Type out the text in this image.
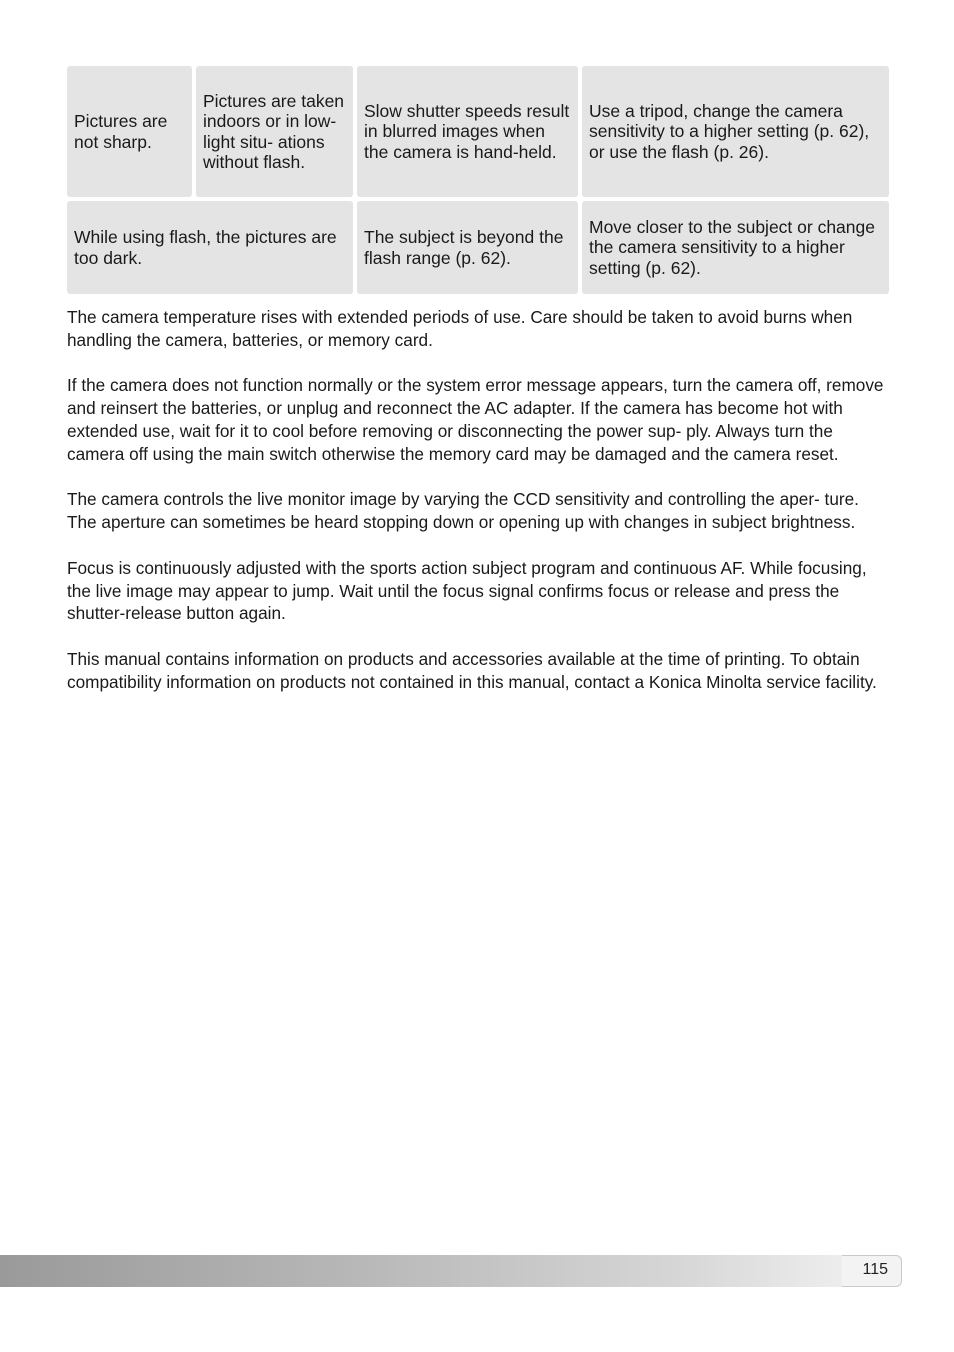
Pictures are not sharp.
Pictures are taken indoors or in low-light situ- ations without flash.
Slow shutter speeds result in blurred images when the camera is hand-held.
Use a tripod, change the camera sensitivity to a higher setting (p. 62), or use the flash (p. 26).
While using flash, the pictures are too dark.
The subject is beyond the flash range (p. 62).
Move closer to the subject or change the camera sensitivity to a higher setting (p. 62).

The camera temperature rises with extended periods of use. Care should be taken to avoid burns when handling the camera, batteries, or memory card.

If the camera does not function normally or the system error message appears, turn the camera off, remove and reinsert the batteries, or unplug and reconnect the AC adapter. If the camera has become hot with extended use, wait for it to cool before removing or disconnecting the power sup- ply. Always turn the camera off using the main switch otherwise the memory card may be damaged and the camera reset.

The camera controls the live monitor image by varying the CCD sensitivity and controlling the aper- ture. The aperture can sometimes be heard stopping down or opening up with changes in subject brightness.

Focus is continuously adjusted with the sports action subject program and continuous AF. While focusing, the live image may appear to jump. Wait until the focus signal confirms focus or release and press the shutter-release button again.

This manual contains information on products and accessories available at the time of printing. To obtain compatibility information on products not contained in this manual, contact a Konica Minolta service facility.

115
